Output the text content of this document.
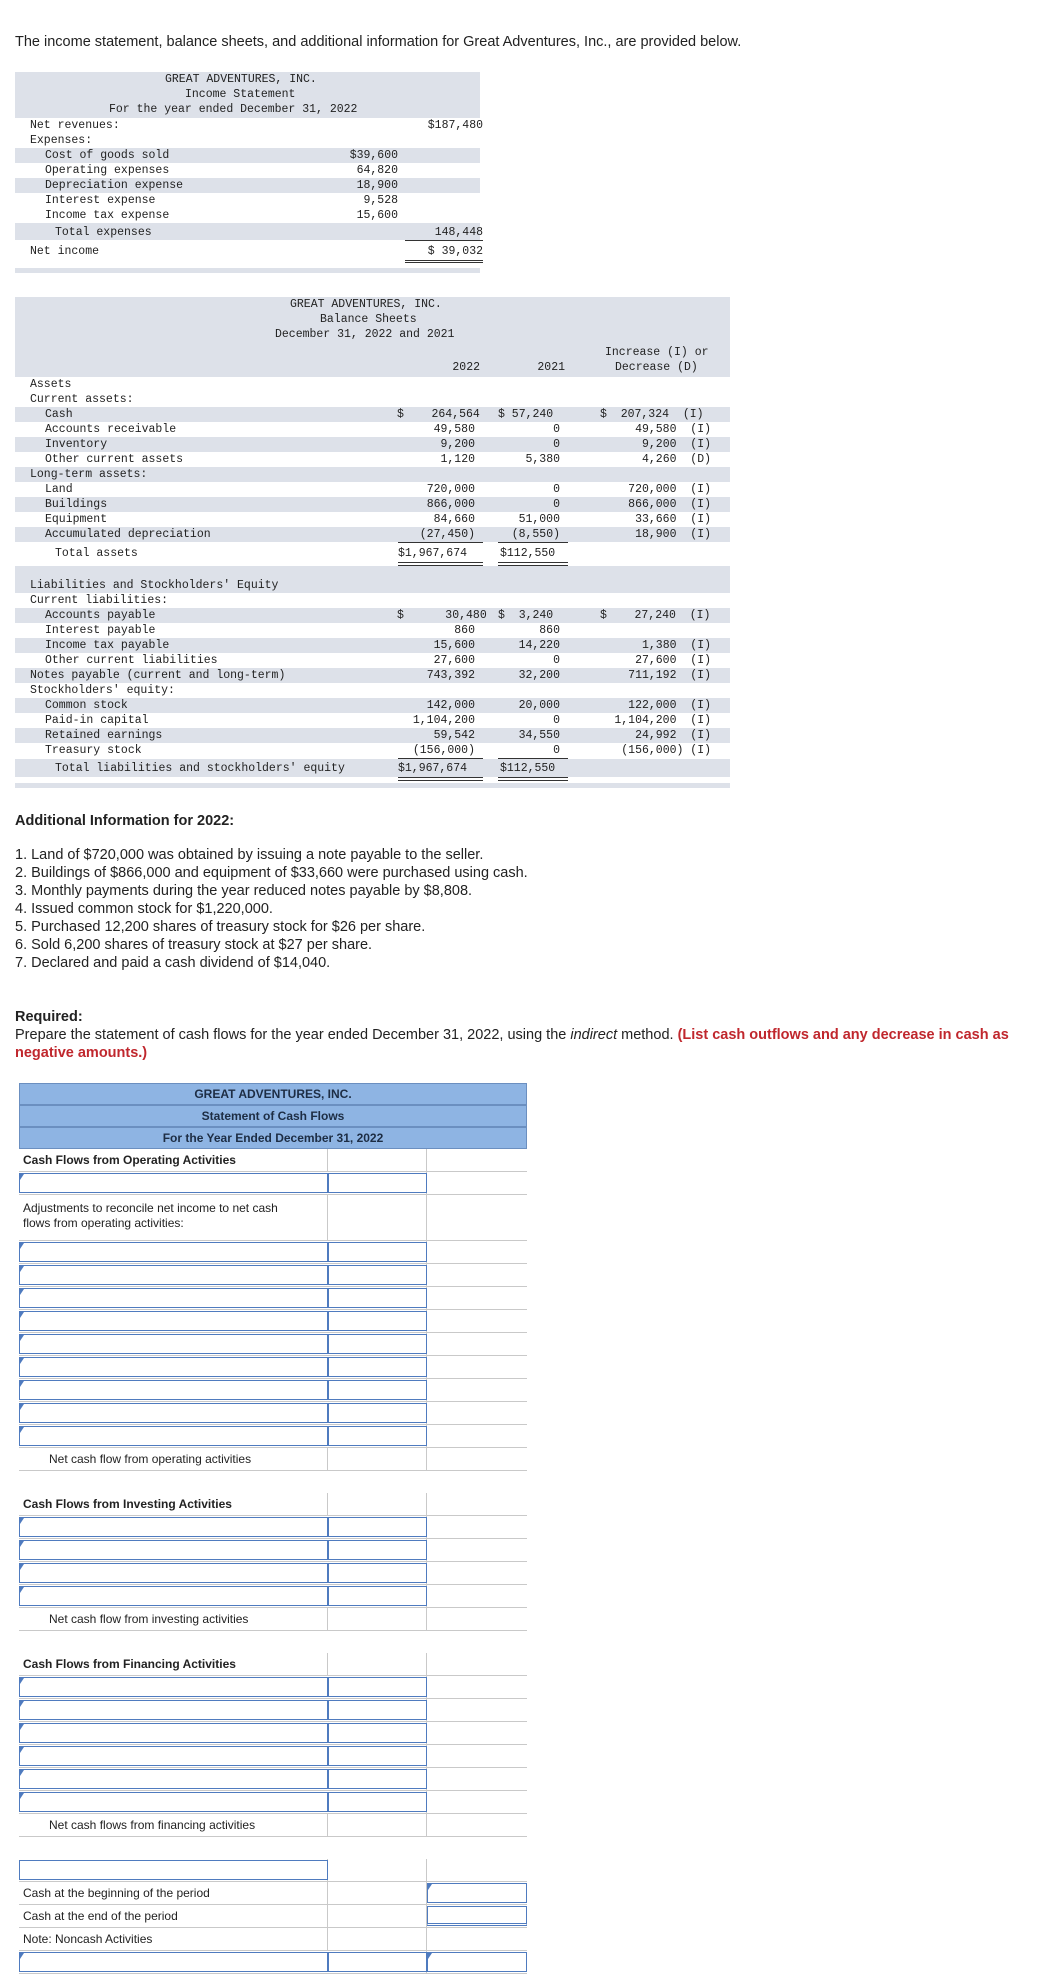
The income statement, balance sheets, and additional information for Great Adventures, Inc., are provided below.
GREAT ADVENTURES, INC.
Income Statement
For the year ended December 31, 2022
Net revenues:	$187,480
Expenses:
Cost of goods sold	$39,600
Operating expenses	64,820
Depreciation expense	18,900
Interest expense	9,528
Income tax expense	15,600
Total expenses	148,448
Net income	$ 39,032
GREAT ADVENTURES, INC.
Balance Sheets
December 31, 2022 and 2021
2022	2021
Increase (I) or
Decrease (D)
Assets
Current assets:
Cash	$    264,564 $ 57,240	$  207,324  (I)
Accounts receivable	49,580	0	49,580  (I)
Inventory	9,200	0	9,200  (I)
Other current assets	1,120	5,380	4,260  (D)
Long-term assets:
Land	720,000	0	720,000  (I)
Buildings	866,000	0	866,000  (I)
Equipment	84,660	51,000	33,660  (I)
Accumulated depreciation	(27,450)	(8,550)	18,900  (I)
Total assets	$1,967,674	$112,550
Liabilities and Stockholders' Equity
Current liabilities:
Accounts payable	$      30,480 $  3,240	$    27,240  (I)
Interest payable	860	860
Income tax payable	15,600	14,220	1,380  (I)
Other current liabilities	27,600	0	27,600  (I)
Notes payable (current and long-term)	743,392	32,200	711,192  (I)
Stockholders' equity:
Common stock	142,000	20,000	122,000  (I)
Paid-in capital	1,104,200	0	1,104,200  (I)
Retained earnings	59,542	34,550	24,992  (I)
Treasury stock	(156,000)	0	(156,000) (I)
Total liabilities and stockholders' equity	$1,967,674	$112,550
Additional Information for 2022:
1. Land of $720,000 was obtained by issuing a note payable to the seller.
2. Buildings of $866,000 and equipment of $33,660 were purchased using cash.
3. Monthly payments during the year reduced notes payable by $8,808.
4. Issued common stock for $1,220,000.
5. Purchased 12,200 shares of treasury stock for $26 per share.
6. Sold 6,200 shares of treasury stock at $27 per share.
7. Declared and paid a cash dividend of $14,040.
Required:
Prepare the statement of cash flows for the year ended December 31, 2022, using the indirect method. (List cash outflows and any decrease in cash as negative amounts.)
GREAT ADVENTURES, INC.
Statement of Cash Flows
For the Year Ended December 31, 2022
Cash Flows from Operating Activities
Adjustments to reconcile net income to net cash flows from operating activities:
Net cash flow from operating activities
Cash Flows from Investing Activities
Net cash flow from investing activities
Cash Flows from Financing Activities
Net cash flows from financing activities
Cash at the beginning of the period
Cash at the end of the period
Note: Noncash Activities
